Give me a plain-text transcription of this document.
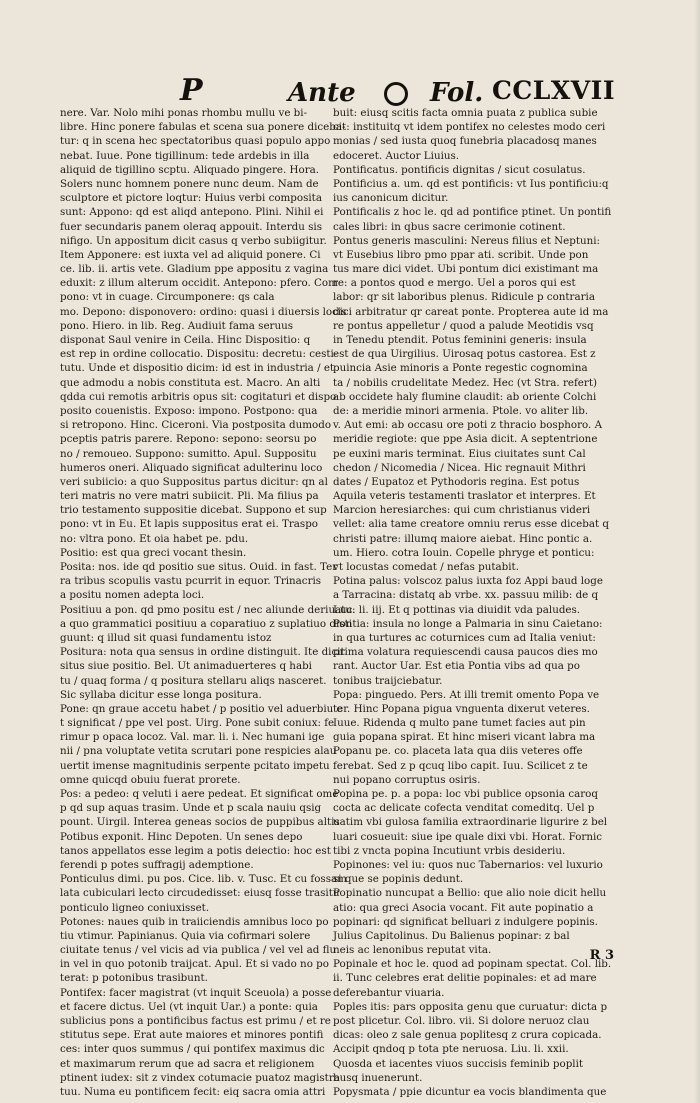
P	Ante	Fol. CCLXVII
nere. Var. Nolo mihi ponas rhombu mullu ve bi-
libre. Hinc ponere fabulas et scena sua ponere diceba-
tur: q in scena hec spectatoribus quasi populo appo
nebat. Iuue. Pone tigillinum: tede ardebis in illa
aliquid de tigillino scptu. Aliquado pingere. Hora.
Solers nunc homnem ponere nunc deum. Nam de
sculptore et pictore loqtur: Huius verbi composita
sunt: Appono: qd est aliqd antepono. Plini. Nihil ei
fuer secundaris panem oleraq appouit. Interdu sis
nifigo. Un appositum dicit casus q verbo subiigitur.
Item Apponere: est iuxta vel ad aliquid ponere. Ci
ce. lib. ii. artis vete. Gladium ppe appositu z vagina
eduxit: z illum alterum occidit. Antepono: pfero. Com
pono: vt in cuage. Circumponere: qs cala
mo. Depono: disponovero: ordino: quasi i diuersis locis
pono. Hiero. in lib. Reg. Audiuit fama seruus
disponat Saul venire in Ceila. Hinc Dispositio: q
est rep in ordine collocatio. Dispositu: decretu: cesti-
tutu. Unde et dispositio dicim: id est in industria / et
que admodu a nobis constituta est. Macro. An alti
qdda cui remotis arbitris opus sit: cogitaturi et dispo
posito couenistis. Exposo: impono. Postpono: qua
si retropono. Hinc. Ciceroni. Via postposita dumodo
pceptis patris parere. Repono: sepono: seorsu po
no / remoueo. Suppono: sumitto. Apul. Suppositu
humeros oneri. Aliquado significat adulterinu loco
veri subiicio: a quo Suppositus partus dicitur: qn al
teri matris no vere matri subiicit. Pli. Ma filius pa
trio testamento suppositie dicebat. Suppono et sup
pono: vt in Eu. Et lapis suppositus erat ei. Traspo
no: vltra pono. Et oia habet pe. pdu.
Positio: est qua greci vocant thesin.
Posita: nos. ide qd positio sue situs. Ouid. in fast. Ter
ra tribus scopulis vastu pcurrit in equor. Trinacris
a positu nomen adepta loci.
Positiuu a pon. qd pmo positu est / nec aliunde deriuatu:
a quo grammatici positiuu a coparatiuo z suplatiuo disti
guunt: q illud sit quasi fundamentu istoz
Positura: nota qua sensus in ordine distinguit. Ite dicit
situs siue positio. Bel. Ut animaduerteres q habi
tu / quaq forma / q positura stellaru aliqs nasceret.
Sic syllaba dicitur esse longa positura.
Pone: qn graue accetu habet / p positio vel aduerbiu e
t significat / ppe vel post. Uirg. Pone subit coniux: fe
rimur p opaca locoz. Val. mar. li. i. Nec humani ige
nii / pna voluptate vetita scrutari pone respicies alau
uertit imense magnitudinis serpente pcitato impetu
omne quicqd obuiu fuerat prorete.
Pos: a pedeo: q veluti i aere pedeat. Et significat ome
p qd sup aquas trasim. Unde et p scala nauiu qsig
pount. Uirgil. Interea geneas socios de puppibus altis
Potibus exponit. Hinc Depoten. Un senes depo
tanos appellatos esse legim a potis deiectio: hoc est
ferendi p potes suffragij ademptione.
Ponticulus dimi. pu pos. Cice. lib. v. Tusc. Et cu fossam
lata cubiculari lecto circudedisset: eiusq fosse trasitu
ponticulo ligneo coniuxisset.
Potones: naues quib in traiiciendis amnibus loco po
tiu vtimur. Papinianus. Quia via cofirmari solere
ciuitate tenus / vel vicis ad via publica / vel vel ad flu
in vel in quo potonib traijcat. Apul. Et si vado no po
terat: p potonibus trasibunt.
Pontifex: facer magistrat (vt inquit Sceuola) a posse
et facere dictus. Uel (vt inquit Uar.) a ponte: quia
sublicius pons a pontificibus factus est primu / et re
stitutus sepe. Erat aute maiores et minores pontifi
ces: inter quos summus / qui pontifex maximus dic
et maximarum rerum que ad sacra et religionem
ptinent iudex: sit z vindex cotumacie puatoz magistra
tuu. Numa eu pontificem fecit: eiq sacra omia attri
buit: eiusq scitis facta omnia puata z publica subie
cit: instituitq vt idem pontifex no celestes modo ceri
monias / sed iusta quoq funebria placadosq manes
edoceret. Auctor Liuius.
Pontificatus. pontificis dignitas / sicut cosulatus.
Pontificius a. um. qd est pontificis: vt Ius pontificiu:q
ius canonicum dicitur.
Pontificalis z hoc le. qd ad pontifice ptinet. Un pontifi
cales libri: in qbus sacre cerimonie cotinent.
Pontus generis masculini: Nereus filius et Neptuni:
vt Eusebius libro pmo ppar ati. scribit. Unde pon
tus mare dici videt. Ubi pontum dici existimant ma
re: a pontos quod e mergo. Uel a poros qui est
labor: qr sit laboribus plenus. Ridicule p contraria
dici arbitratur qr careat ponte. Propterea aute id ma
re pontus appelletur / quod a palude Meotidis vsq
in Tenedu ptendit. Potus feminini generis: insula
est de qua Uirgilius. Uirosaq potus castorea. Est z
puincia Asie minoris a Ponte regestic cognomina
ta / nobilis crudelitate Medez. Hec (vt Stra. refert)
ab occidete haly flumine claudit: ab oriente Colchi
de: a meridie minori armenia. Ptole. vo aliter lib.
v. Aut emi: ab occasu ore poti z thracio bosphoro. A
meridie regiote: que ppe Asia dicit. A septentrione
pe euxini maris terminat. Eius ciuitates sunt Cal
chedon / Nicomedia / Nicea. Hic regnauit Mithri
dates / Eupatoz et Pythodoris regina. Est potus
Aquila veteris testamenti traslator et interpres. Et
Marcion heresiarches: qui cum christianus videri
vellet: alia tame creatore omniu rerus esse dicebat q
christi patre: illumq maiore aiebat. Hinc pontic a.
um. Hiero. cotra Iouin. Copelle phryge et ponticu:
vt locustas comedat / nefas putabit.
Potina palus: volscoz palus iuxta foz Appi baud loge
a Tarracina: distatq ab vrbe. xx. passuu milib: de q
Luc. li. iij. Et q pottinas via diuidit vda paludes.
Pontia: insula no longe a Palmaria in sinu Caietano:
in qua turtures ac coturnices cum ad Italia veniut:
prima volatura requiescendi causa paucos dies mo
rant. Auctor Uar. Est etia Pontia vibs ad qua po
tonibus traijciebatur.
Popa: pinguedo. Pers. At illi tremit omento Popa ve
ter. Hinc Popana pigua vnguenta dixerut veteres.
Iuue. Ridenda q multo pane tumet facies aut pin
guia popana spirat. Et hinc miseri vicant labra ma
Popanu pe. co. placeta lata qua diis veteres offe
ferebat. Sed z p qcuq libo capit. Iuu. Scilicet z te
nui popano corruptus osiris.
Popina pe. p. a popa: loc vbi publice opsonia caroq
cocta ac delicate cofecta venditat comeditq. Uel p
uatim vbi gulosa familia extraordinarie ligurire z bel
luari cosueuit: siue ipe quale dixi vbi. Horat. Fornic
tibi z vncta popina Incutiunt vrbis desideriu.
Popinones: vel iu: quos nuc Tabernarios: vel luxurio
si que se popinis dedunt.
Popinatio nuncupat a Bellio: que alio noie dicit hellu
atio: qua greci Asocia vocant. Fit aute popinatio a
popinari: qd significat belluari z indulgere popinis.
Julius Capitolinus. Du Balienus popinar: z bal
neis ac lenonibus reputat vita.
Popinale et hoc le. quod ad popinam spectat. Col. lib.
ii. Tunc celebres erat delitie popinales: et ad mare
deferebantur viuaria.
Poples itis: pars opposita genu que curuatur: dicta p
post plicetur. Col. libro. vii. Si dolore neruoz clau
dicas: oleo z sale genua poplitesq z crura copicada.
Accipit qndoq p tota pte neruosa. Liu. li. xxii.
Quosda et iacentes viuos succisis feminib poplit
busq inuenerunt.
Popysmata / ppie dicuntur ea vocis blandimenta que
R 3
